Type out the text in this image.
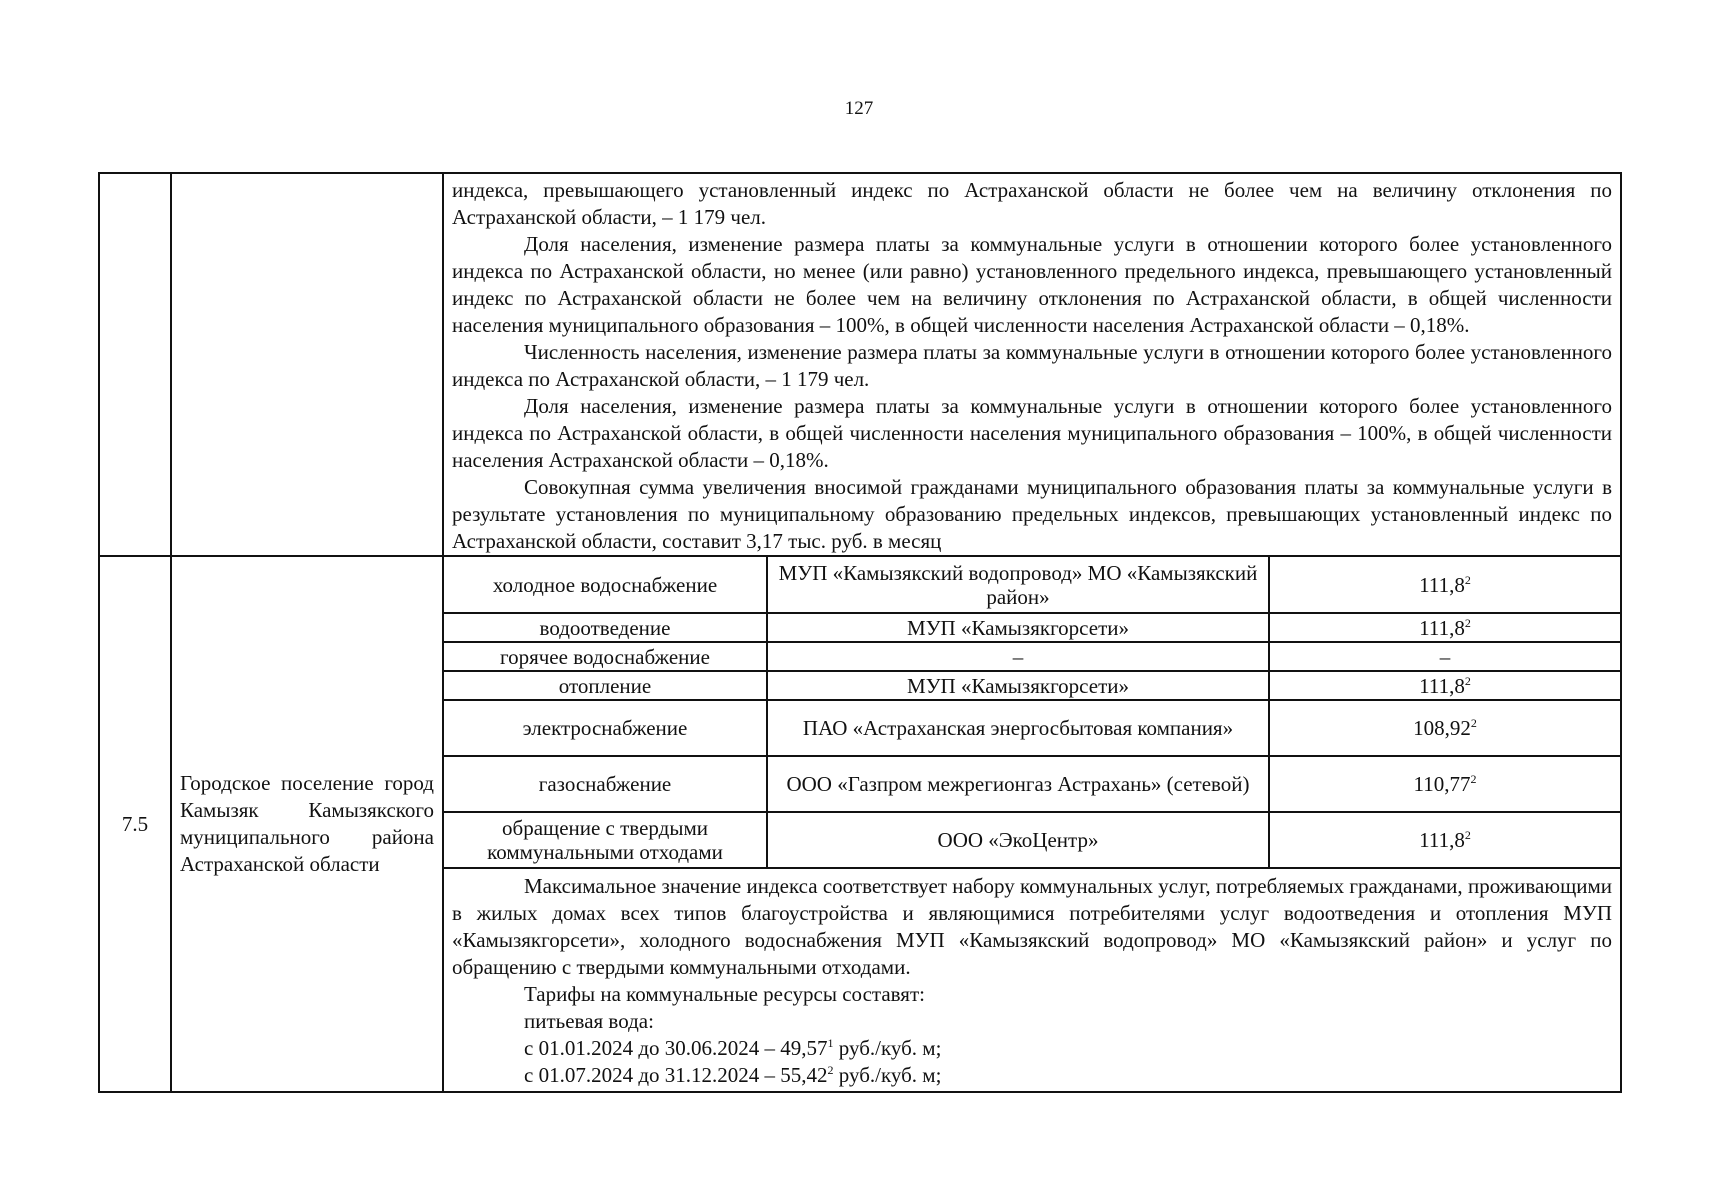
127

индекса, превышающего установленный индекс по Астраханской области не более чем на величину отклонения по Астраханской области, – 1 179 чел.

Доля населения, изменение размера платы за коммунальные услуги в отношении которого более установленного индекса по Астраханской области, но менее (или равно) установленного предельного индекса, превышающего установленный индекс по Астраханской области не более чем на величину отклонения по Астраханской области, в общей численности населения муниципального образования – 100%, в общей численности населения Астраханской области – 0,18%.

Численность населения, изменение размера платы за коммунальные услуги в отношении которого более установленного индекса по Астраханской области, – 1 179 чел.

Доля населения, изменение размера платы за коммунальные услуги в отношении которого более установленного индекса по Астраханской области, в общей численности населения муниципального образования – 100%, в общей численности населения Астраханской области – 0,18%.

Совокупная сумма увеличения вносимой гражданами муниципального образования платы за коммунальные услуги в результате установления по муниципальному образованию предельных индексов, превышающих установленный индекс по Астраханской области, составит 3,17 тыс. руб. в месяц

7.5	Городское поселение город Камызяк Камызякского муниципального района Астраханской области	
холодное водоснабжение	МУП «Камызякский водопровод» МО «Камызякский район»	111,8$^2$
водоотведение	МУП «Камызякгорсети»	111,8$^2$
горячее водоснабжение	–	–
отопление	МУП «Камызякгорсети»	111,8$^2$
электроснабжение	ПАО «Астраханская энергосбытовая компания»	108,92$^2$
газоснабжение	ООО «Газпром межрегионгаз Астрахань» (сетевой)	110,77$^2$
обращение с твердыми коммунальными отходами	ООО «ЭкоЦентр»	111,8$^2$

Максимальное значение индекса соответствует набору коммунальных услуг, потребляемых гражданами, проживающими в жилых домах всех типов благоустройства и являющимися потребителями услуг водоотведения и отопления МУП «Камызякгорсети», холодного водоснабжения МУП «Камызякский водопровод» МО «Камызякский район» и услуг по обращению с твердыми коммунальными отходами.

Тарифы на коммунальные ресурсы составят:

питьевая вода:

с 01.01.2024 до 30.06.2024 – 49,57$^1$ руб./куб. м;

с 01.07.2024 до 31.12.2024 – 55,42$^2$ руб./куб. м;
